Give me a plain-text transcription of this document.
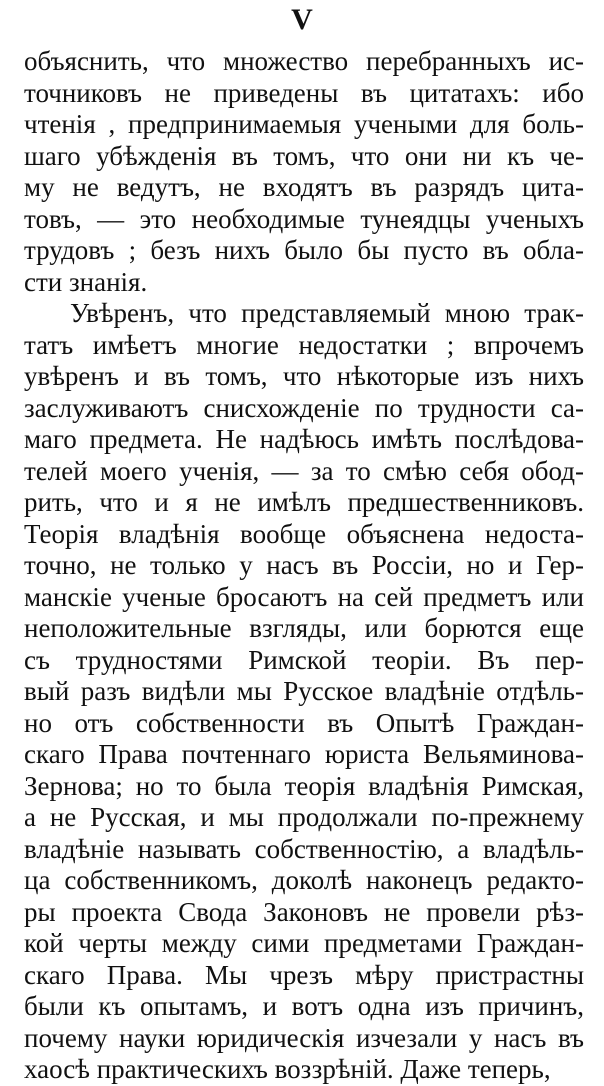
V
объяснить, что множество перебранныхъ ис-
точниковъ не приведены въ цитатахъ: ибо
чтенія , предпринимаемыя учеными для боль-
шаго убѣжденія въ томъ, что они ни къ че-
му не ведутъ, не входятъ въ разрядъ цита-
товъ, — это необходимые тунеядцы ученыхъ
трудовъ ; безъ нихъ было бы пусто въ обла-
сти знанія.
Увѣренъ, что представляемый мною трак-
татъ имѣетъ многие недостатки ; впрочемъ
увѣренъ и въ томъ, что нѣкоторые изъ нихъ
заслуживаютъ снисхожденіе по трудности са-
маго предмета. Не надѣюсь имѣть послѣдова-
телей моего ученія, — за то смѣю себя обод-
рить, что и я не имѣлъ предшественниковъ.
Теорія владѣнія вообще объяснена недоста-
точно, не только у насъ въ Россіи, но и Гер-
манскіе ученые бросаютъ на сей предметъ или
неположительные взгляды, или борются еще
съ трудностями Римской теоріи. Въ пер-
вый разъ видѣли мы Русское владѣніе отдѣль-
но отъ собственности въ Опытѣ Граждан-
скаго Права почтеннаго юриста Вельяминова-
Зернова; но то была теорія владѣнія Римская,
а не Русская, и мы продолжали по-прежнему
владѣніе называть собственностію, а владѣль-
ца собственникомъ, доколѣ наконецъ редакто-
ры проекта Свода Законовъ не провели рѣз-
кой черты между сими предметами Граждан-
скаго Права. Мы чрезъ мѣру пристрастны
были къ опытамъ, и вотъ одна изъ причинъ,
почему науки юридическія изчезали у насъ въ
хаосѣ практическихъ воззрѣній. Даже теперь,
